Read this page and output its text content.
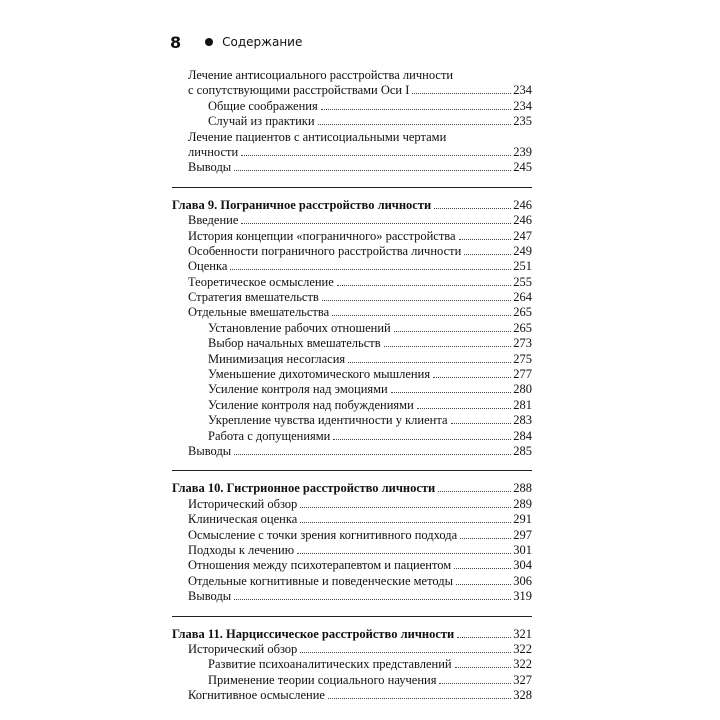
8	Содержание
Лечение антисоциального расстройства личности
с сопутствующими расстройствами Оси I	234
Общие соображения	234
Случай из практики	235
Лечение пациентов с антисоциальными чертами
личности	239
Выводы	245
Глава 9. Пограничное расстройство личности	246
Введение	246
История концепции «пограничного» расстройства	247
Особенности пограничного расстройства личности	249
Оценка	251
Теоретическое осмысление	255
Стратегия вмешательств	264
Отдельные вмешательства	265
Установление рабочих отношений	265
Выбор начальных вмешательств	273
Минимизация несогласия	275
Уменьшение дихотомического мышления	277
Усиление контроля над эмоциями	280
Усиление контроля над побуждениями	281
Укрепление чувства идентичности у клиента	283
Работа с допущениями	284
Выводы	285
Глава 10. Гистрионное расстройство личности	288
Исторический обзор	289
Клиническая оценка	291
Осмысление с точки зрения когнитивного подхода	297
Подходы к лечению	301
Отношения между психотерапевтом и пациентом	304
Отдельные когнитивные и поведенческие методы	306
Выводы	319
Глава 11. Нарциссическое расстройство личности	321
Исторический обзор	322
Развитие психоаналитических представлений	322
Применение теории социального научения	327
Когнитивное осмысление	328
